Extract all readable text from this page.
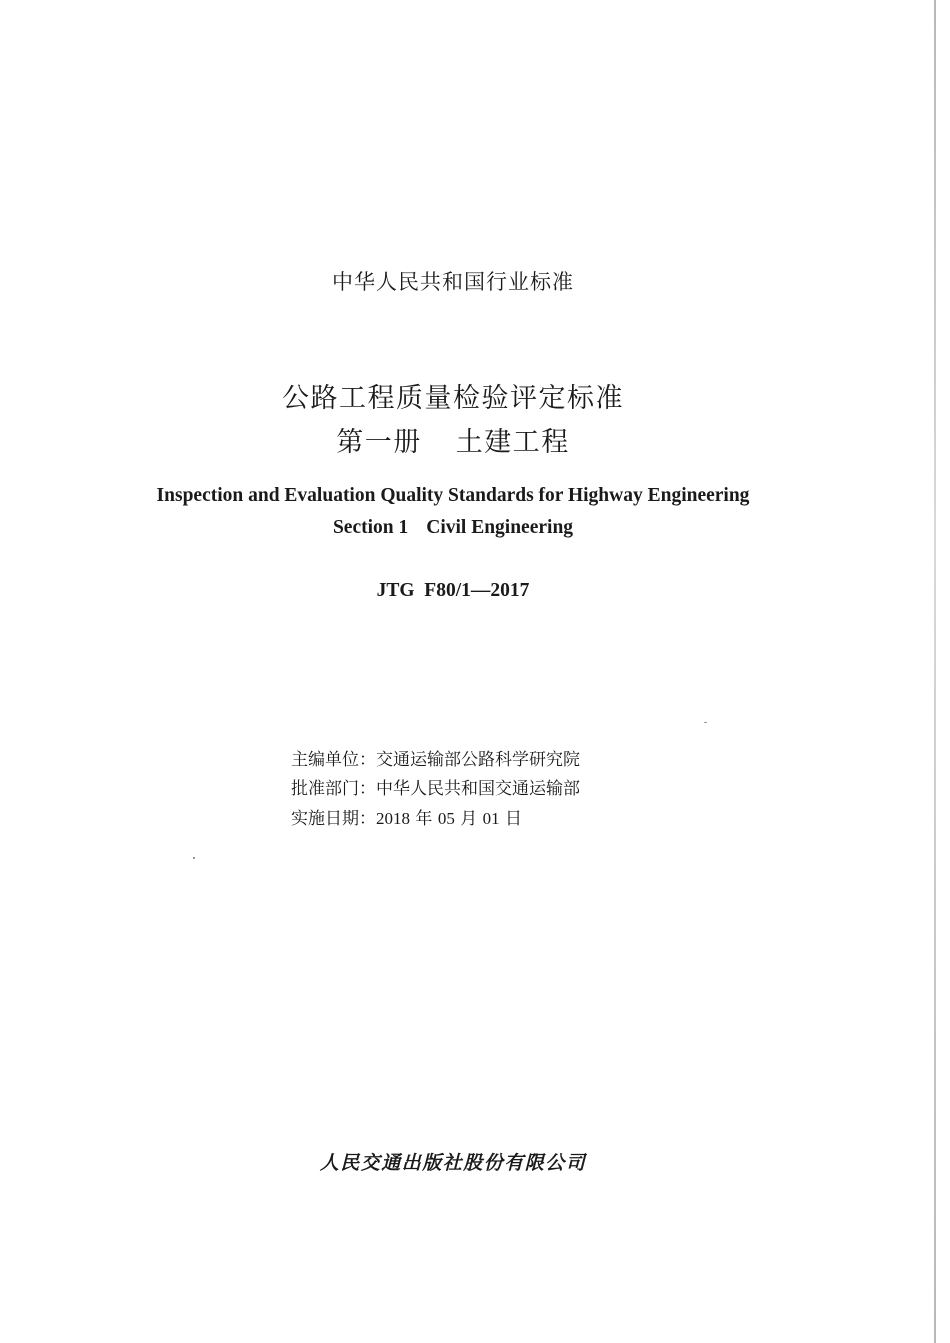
中华人民共和国行业标准
公路工程质量检验评定标准
第一册 土建工程
Inspection and Evaluation Quality Standards for Highway Engineering
Section 1 Civil Engineering
JTG  F80/1—2017
主编单位：交通运输部公路科学研究院
批准部门：中华人民共和国交通运输部
实施日期：2018 年 05 月 01 日
人民交通出版社股份有限公司
